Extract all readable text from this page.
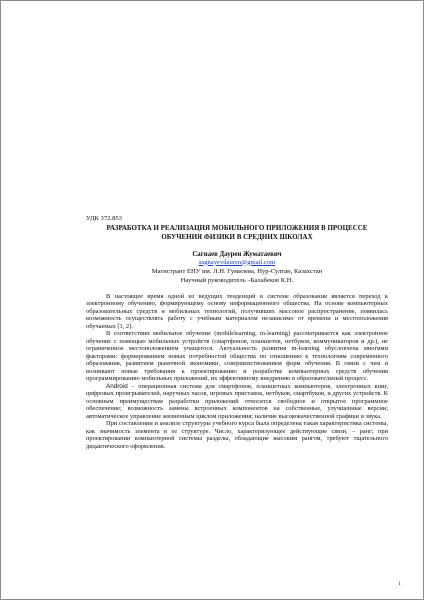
УДК 372.853
РАЗРАБОТКА И РЕАЛИЗАЦИЯ МОБИЛЬНОГО ПРИЛОЖЕНИЯ В ПРОЦЕССЕ ОБУЧЕНИЯ ФИЗИКИ В СРЕДНИХ ШКОЛАХ
Сагнаев Даурен Жуматаевич
sagnayevdauren@gmail.com
Магистрант ЕНУ им. Л.Н. Гумилева, Нур-Султан, Казахстан
Научный руководитель –Балабеков К.Н.

В настоящее время одной из ведущих тенденций в системе образования является переход к электронному обучению, формирующему основу информационного общества. На основе компьютерных образовательных средств и мобильных технологий, получивших массовое распространение, появилась возможность осуществлять работу с учебным материалом независимо от времени и местоположения обучаемых [1, 2].

В соответствии мобильное обучение (mobilelearning, m-learning) рассматривается как электронное обучение с помощью мобильных устройств (смартфонов, планшетов, нетбуков, коммуникаторов и др.), не ограниченное местоположением учащегося. Актуальность развития m-learning обусловлена многими факторами: формированием новых потребностей общества по отношению к технологиям современного образования, развитием рыночной экономики, совершенствованием форм обучения. В связи с чем и возникают новые требования к проектированию и разработке компьютерных средств обучения программированию мобильных приложений, их эффективному внедрению в образовательный процесс.

Android – операционная система для смартфонов, планшетных компьютеров, электронных книг, цифровых проигрывателей, наручных часов, игровых приставок, нетбуков, смартбуков, и других устройств. К основным преимуществам разработки приложений относятся свободное и открытое программное обеспечение; возможность замены встроенных компонентов на собственные, улучшенные версии; автоматическое управление жизненным циклом приложения; наличие высококачественной графики и звука.

При составлении и анализе структуры учебного курса была определена такая характеристика системы, как значимость элемента в ее структуре. Число, характеризующее действующие связи, – ранг; при проектировании компьютерной системы разделы, обладающие высоким рангом, требуют тщательного дидактического оформления.

1
